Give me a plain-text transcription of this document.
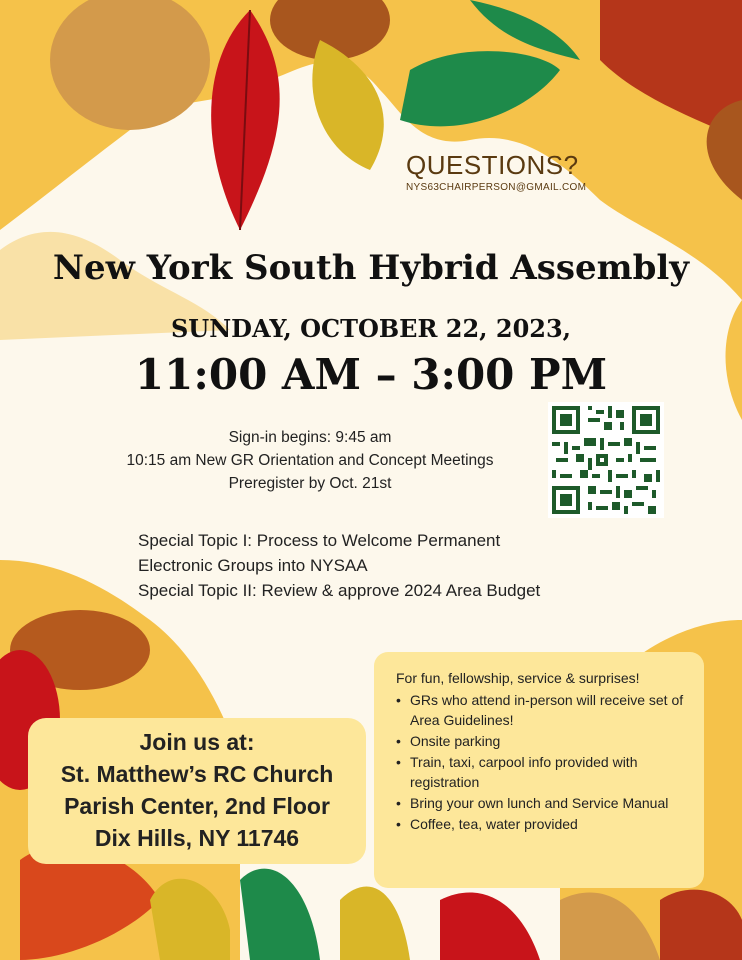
QUESTIONS?
NYS63CHAIRPERSON@GMAIL.COM
New York South Hybrid Assembly
SUNDAY, OCTOBER 22, 2023,
11:00 AM – 3:00 PM
Sign-in begins: 9:45 am
10:15 am New GR Orientation and Concept Meetings
Preregister by Oct. 21st
Special Topic I: Process to Welcome Permanent
Electronic Groups into NYSAA
Special Topic II: Review & approve 2024 Area Budget
Join us at:
St. Matthew’s RC Church
Parish Center, 2nd Floor
Dix Hills, NY 11746
For fun, fellowship, service & surprises!
• GRs who attend in-person will receive set of Area Guidelines!
• Onsite parking
• Train, taxi, carpool info provided with registration
• Bring your own lunch and Service Manual
• Coffee, tea, water provided
